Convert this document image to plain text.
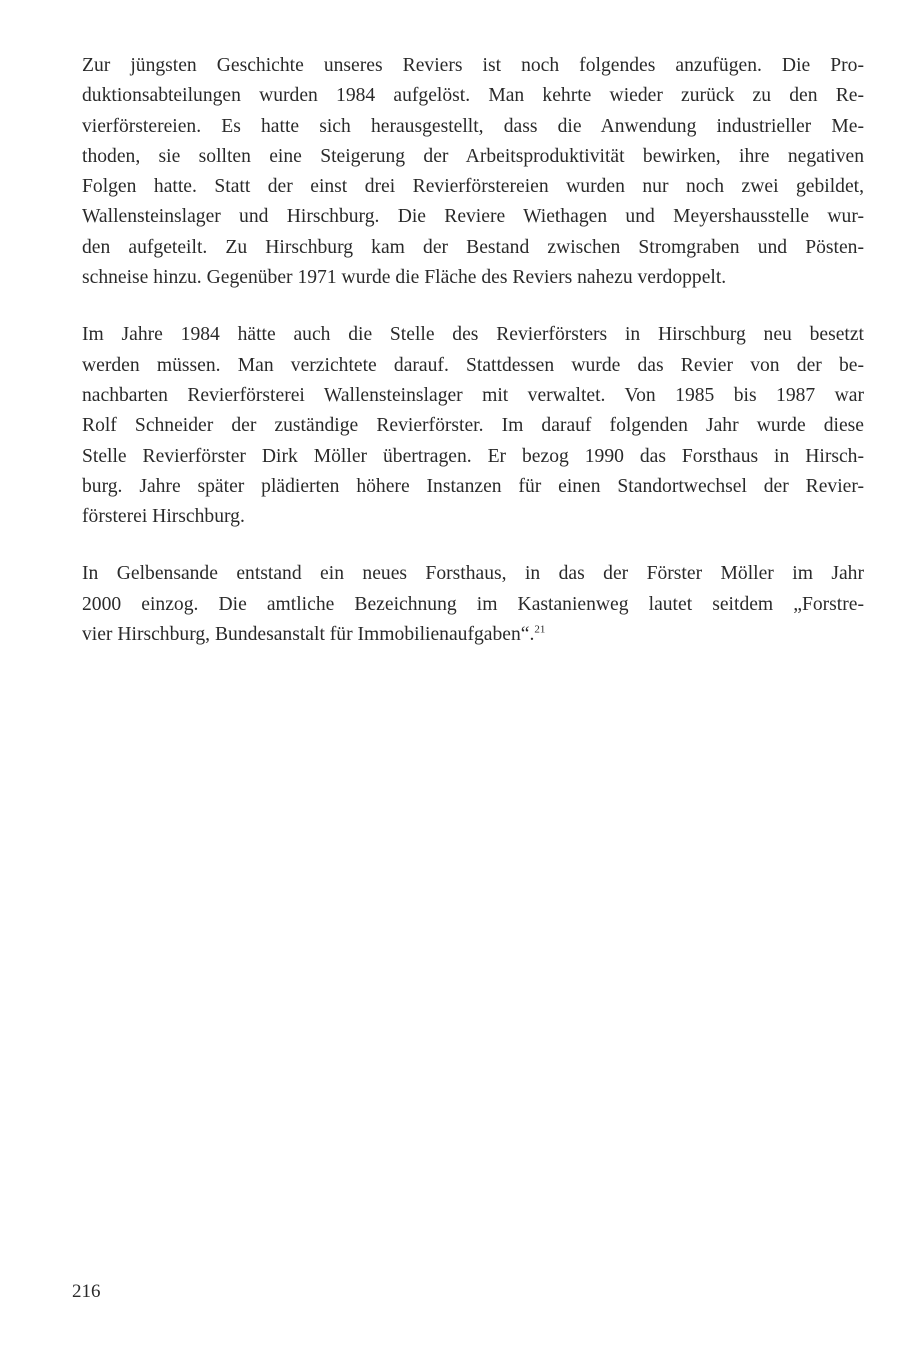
Zur jüngsten Geschichte unseres Reviers ist noch folgendes anzufügen. Die Pro-
duktionsabteilungen wurden 1984 aufgelöst. Man kehrte wieder zurück zu den Re-
vierförstereien. Es hatte sich herausgestellt, dass die Anwendung industrieller Me-
thoden, sie sollten eine Steigerung der Arbeitsproduktivität bewirken, ihre negativen
Folgen hatte. Statt der einst drei Revierförstereien wurden nur noch zwei gebildet,
Wallensteinslager und Hirschburg. Die Reviere Wiethagen und Meyershausstelle wur-
den aufgeteilt. Zu Hirschburg kam der Bestand zwischen Stromgraben und Pösten-
schneise hinzu. Gegenüber 1971 wurde die Fläche des Reviers nahezu verdoppelt.

Im Jahre 1984 hätte auch die Stelle des Revierförsters in Hirschburg neu besetzt
werden müssen. Man verzichtete darauf. Stattdessen wurde das Revier von der be-
nachbarten Revierförsterei Wallensteinslager mit verwaltet. Von 1985 bis 1987 war
Rolf Schneider der zuständige Revierförster. Im darauf folgenden Jahr wurde diese
Stelle Revierförster Dirk Möller übertragen. Er bezog 1990 das Forsthaus in Hirsch-
burg. Jahre später plädierten höhere Instanzen für einen Standortwechsel der Revier-
försterei Hirschburg.

In Gelbensande entstand ein neues Forsthaus, in das der Förster Möller im Jahr
2000 einzog. Die amtliche Bezeichnung im Kastanienweg lautet seitdem „Forstre-
vier Hirschburg, Bundesanstalt für Immobilienaufgaben“.$^{21}$

216
